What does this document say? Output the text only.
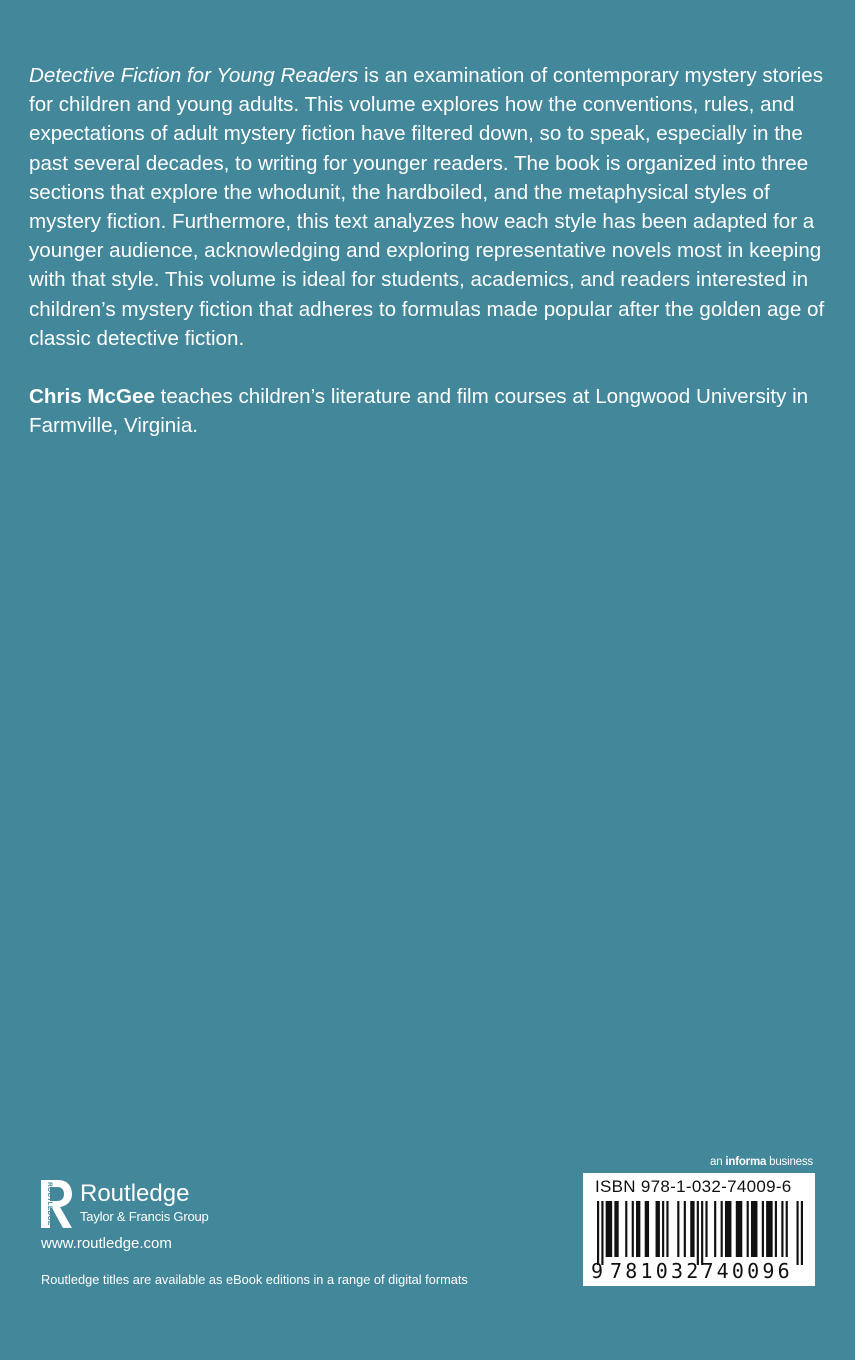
Detective Fiction for Young Readers is an examination of contemporary mystery stories for children and young adults. This volume explores how the conventions, rules, and expectations of adult mystery fiction have filtered down, so to speak, especially in the past several decades, to writing for younger readers. The book is organized into three sections that explore the whodunit, the hardboiled, and the metaphysical styles of mystery fiction. Furthermore, this text analyzes how each style has been adapted for a younger audience, acknowledging and exploring representative novels most in keeping with that style. This volume is ideal for students, academics, and readers interested in children’s mystery fiction that adheres to formulas made popular after the golden age of classic detective fiction.

Chris McGee teaches children’s literature and film courses at Longwood University in Farmville, Virginia.

ROUTLEDGE Routledge
Taylor & Francis Group
www.routledge.com
Routledge titles are available as eBook editions in a range of digital formats
an informa business
ISBN 978-1-032-74009-6
9 781032740096
